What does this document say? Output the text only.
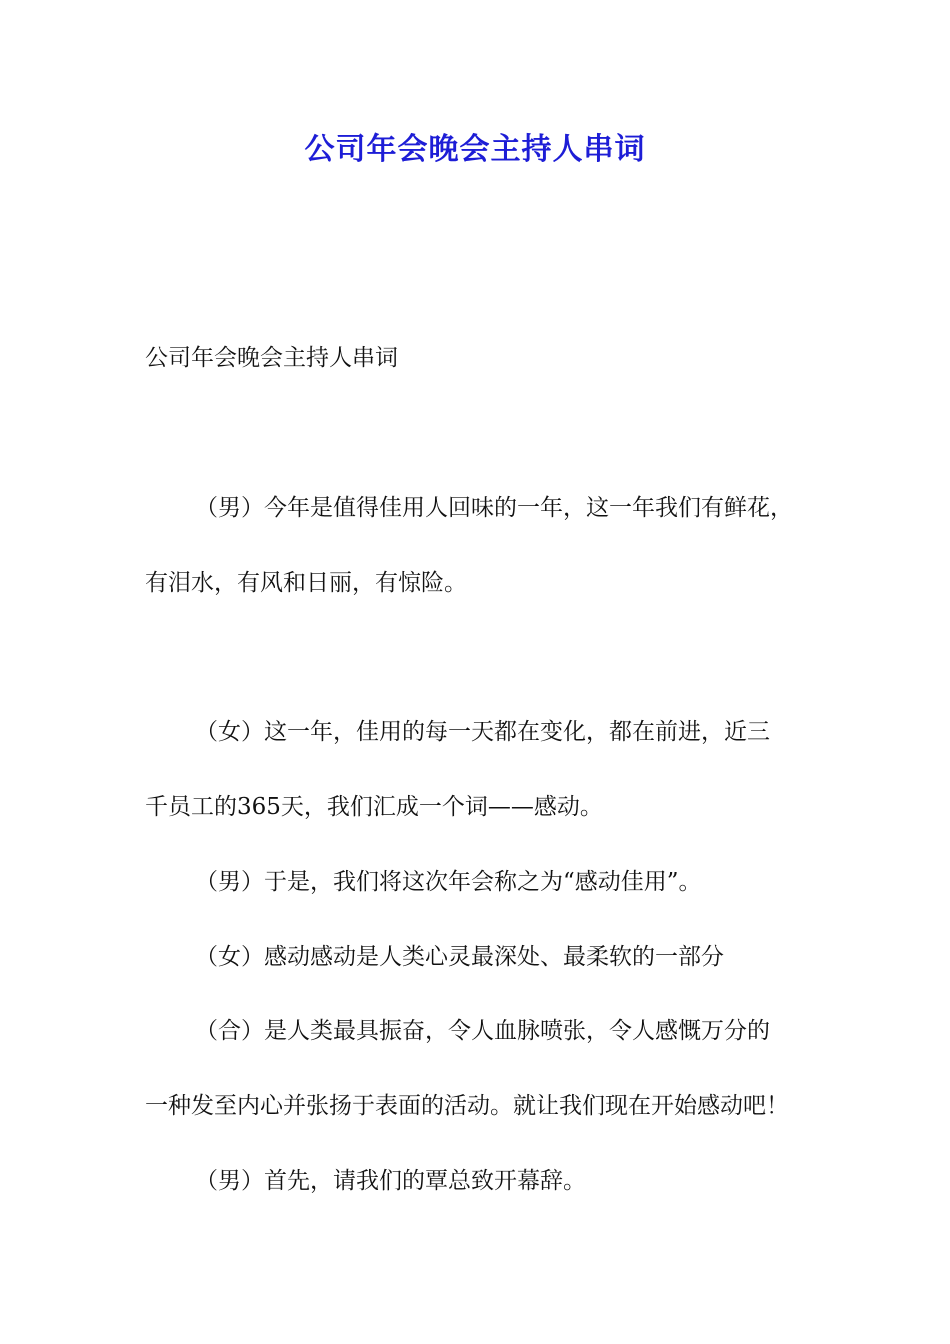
公司年会晚会主持人串词
公司年会晚会主持人串词
（男）今年是值得佳用人回味的一年，这一年我们有鲜花，
有泪水，有风和日丽，有惊险。
（女）这一年，佳用的每一天都在变化，都在前进，近三
千员工的365天，我们汇成一个词——感动。
（男）于是，我们将这次年会称之为“感动佳用”。
（女）感动感动是人类心灵最深处、最柔软的一部分
（合）是人类最具振奋，令人血脉喷张，令人感慨万分的
一种发至内心并张扬于表面的活动。就让我们现在开始感动吧！
（男）首先，请我们的覃总致开幕辞。
